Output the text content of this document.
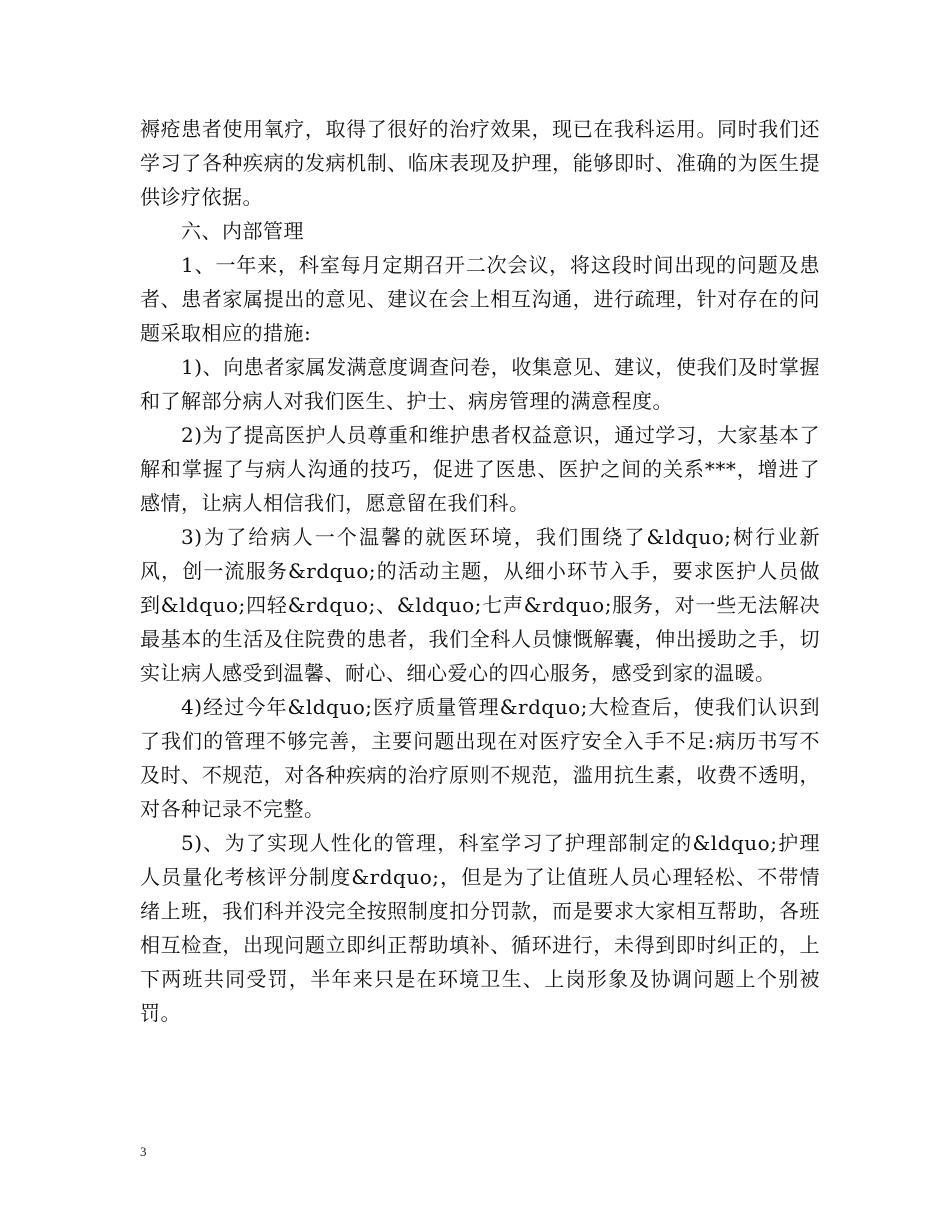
褥疮患者使用氧疗，取得了很好的治疗效果，现已在我科运用。同时我们还学习了各种疾病的发病机制、临床表现及护理，能够即时、准确的为医生提供诊疗依据。

六、内部管理

1、一年来，科室每月定期召开二次会议，将这段时间出现的问题及患者、患者家属提出的意见、建议在会上相互沟通，进行疏理，针对存在的问题采取相应的措施:

1)、向患者家属发满意度调查问卷，收集意见、建议，使我们及时掌握和了解部分病人对我们医生、护士、病房管理的满意程度。

2)为了提高医护人员尊重和维护患者权益意识，通过学习，大家基本了解和掌握了与病人沟通的技巧，促进了医患、医护之间的关系***，增进了感情，让病人相信我们，愿意留在我们科。

3)为了给病人一个温馨的就医环境，我们围绕了&ldquo;树行业新风，创一流服务&rdquo;的活动主题，从细小环节入手，要求医护人员做到&ldquo;四轻&rdquo;、&ldquo;七声&rdquo;服务，对一些无法解决最基本的生活及住院费的患者，我们全科人员慷慨解囊，伸出援助之手，切实让病人感受到温馨、耐心、细心爱心的四心服务，感受到家的温暖。

4)经过今年&ldquo;医疗质量管理&rdquo;大检查后，使我们认识到了我们的管理不够完善，主要问题出现在对医疗安全入手不足:病历书写不及时、不规范，对各种疾病的治疗原则不规范，滥用抗生素，收费不透明，对各种记录不完整。

5)、为了实现人性化的管理，科室学习了护理部制定的&ldquo;护理人员量化考核评分制度&rdquo;，但是为了让值班人员心理轻松、不带情绪上班，我们科并没完全按照制度扣分罚款，而是要求大家相互帮助，各班相互检查，出现问题立即纠正帮助填补、循环进行，未得到即时纠正的，上下两班共同受罚，半年来只是在环境卫生、上岗形象及协调问题上个别被罚。

3
